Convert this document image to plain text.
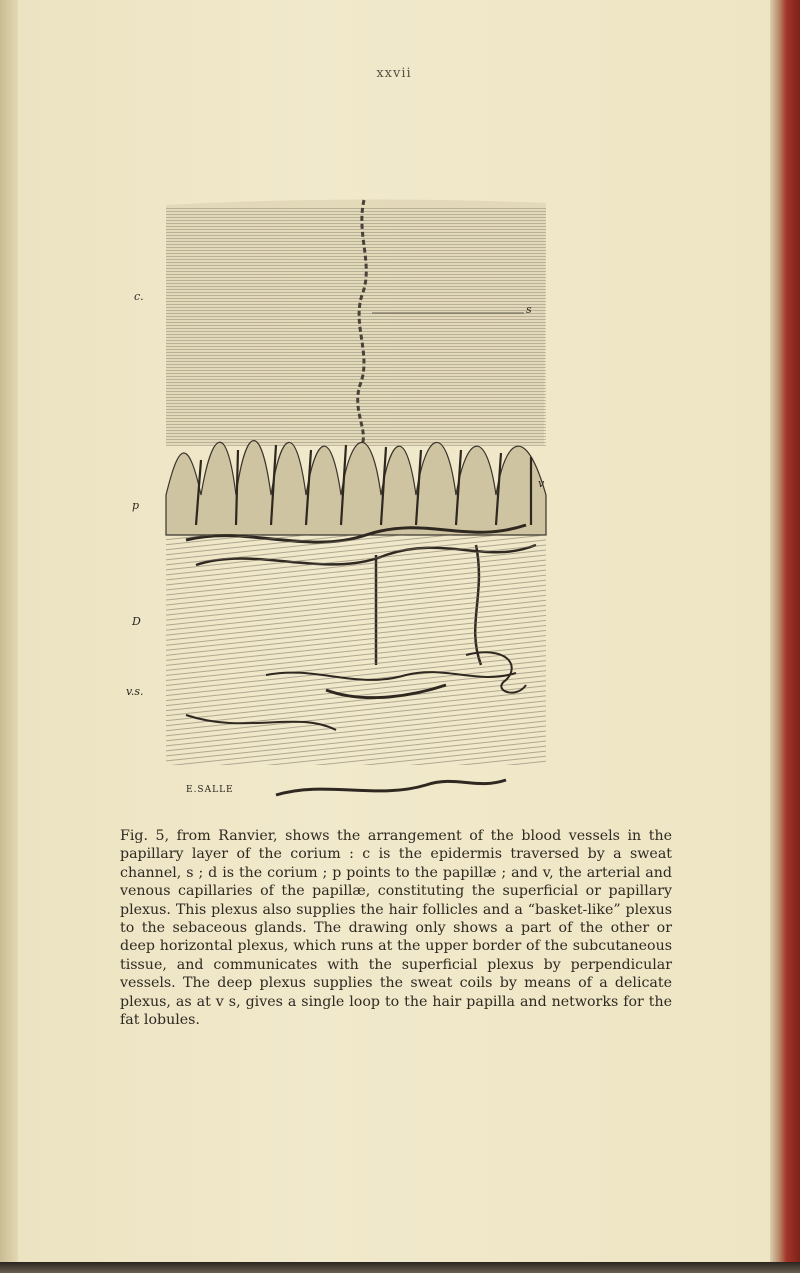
xxvii
c.
s
v
p
D
v.s.
E.SALLE

Fig. 5, from Ranvier, shows the arrangement of the blood vessels in the papillary layer of the corium : c is the epidermis traversed by a sweat channel, s ; d is the corium ; p points to the papillæ ; and v, the arterial and venous capillaries of the papillæ, constituting the superficial or papillary plexus. This plexus also supplies the hair follicles and a “basket-like” plexus to the sebaceous glands. The drawing only shows a part of the other or deep horizontal plexus, which runs at the upper border of the subcutaneous tissue, and communicates with the superficial plexus by perpendicular vessels. The deep plexus supplies the sweat coils by means of a delicate plexus, as at v s, gives a single loop to the hair papilla and networks for the fat lobules.
